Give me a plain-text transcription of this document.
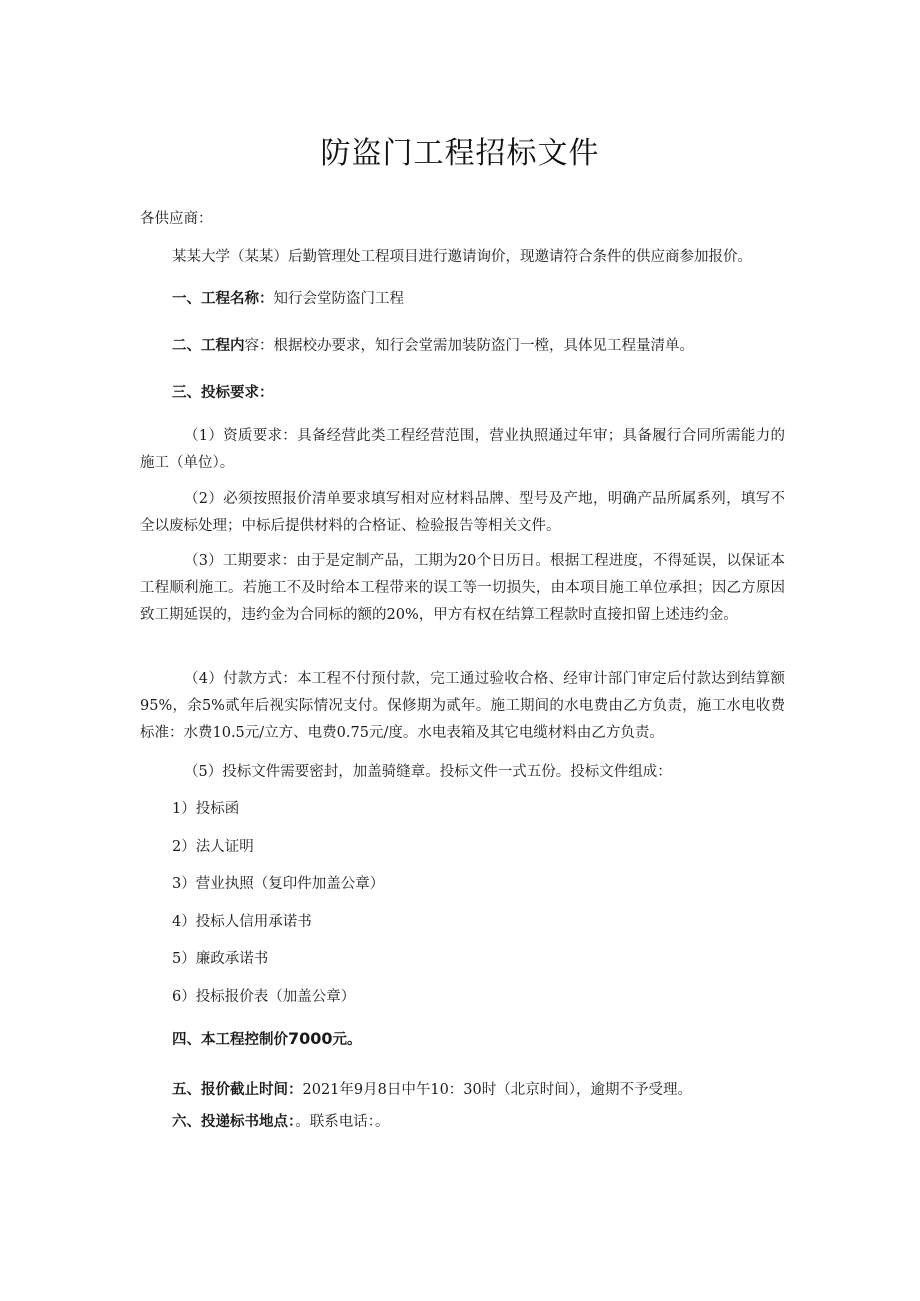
防盗门工程招标文件
各供应商：
某某大学（某某）后勤管理处工程项目进行邀请询价，现邀请符合条件的供应商参加报价。
一、工程名称：知行会堂防盗门工程
二、工程内容：根据校办要求，知行会堂需加装防盗门一樘，具体见工程量清单。
三、投标要求：
（1）资质要求：具备经营此类工程经营范围，营业执照通过年审；具备履行合同所需能力的施工（单位）。
（2）必须按照报价清单要求填写相对应材料品牌、型号及产地，明确产品所属系列，填写不全以废标处理；中标后提供材料的合格证、检验报告等相关文件。
（3）工期要求：由于是定制产品，工期为20个日历日。根据工程进度，不得延误，以保证本工程顺利施工。若施工不及时给本工程带来的误工等一切损失，由本项目施工单位承担；因乙方原因致工期延误的，违约金为合同标的额的20%，甲方有权在结算工程款时直接扣留上述违约金。
（4）付款方式：本工程不付预付款，完工通过验收合格、经审计部门审定后付款达到结算额95%，余5%贰年后视实际情况支付。保修期为贰年。施工期间的水电费由乙方负责，施工水电收费标准：水费10.5元/立方、电费0.75元/度。水电表箱及其它电缆材料由乙方负责。
（5）投标文件需要密封，加盖骑缝章。投标文件一式五份。投标文件组成：
1）投标函
2）法人证明
3）营业执照（复印件加盖公章）
4）投标人信用承诺书
5）廉政承诺书
6）投标报价表（加盖公章）
四、本工程控制价7000元。
五、报价截止时间：2021年9月8日中午10：30时（北京时间），逾期不予受理。
六、投递标书地点：。联系电话：。
